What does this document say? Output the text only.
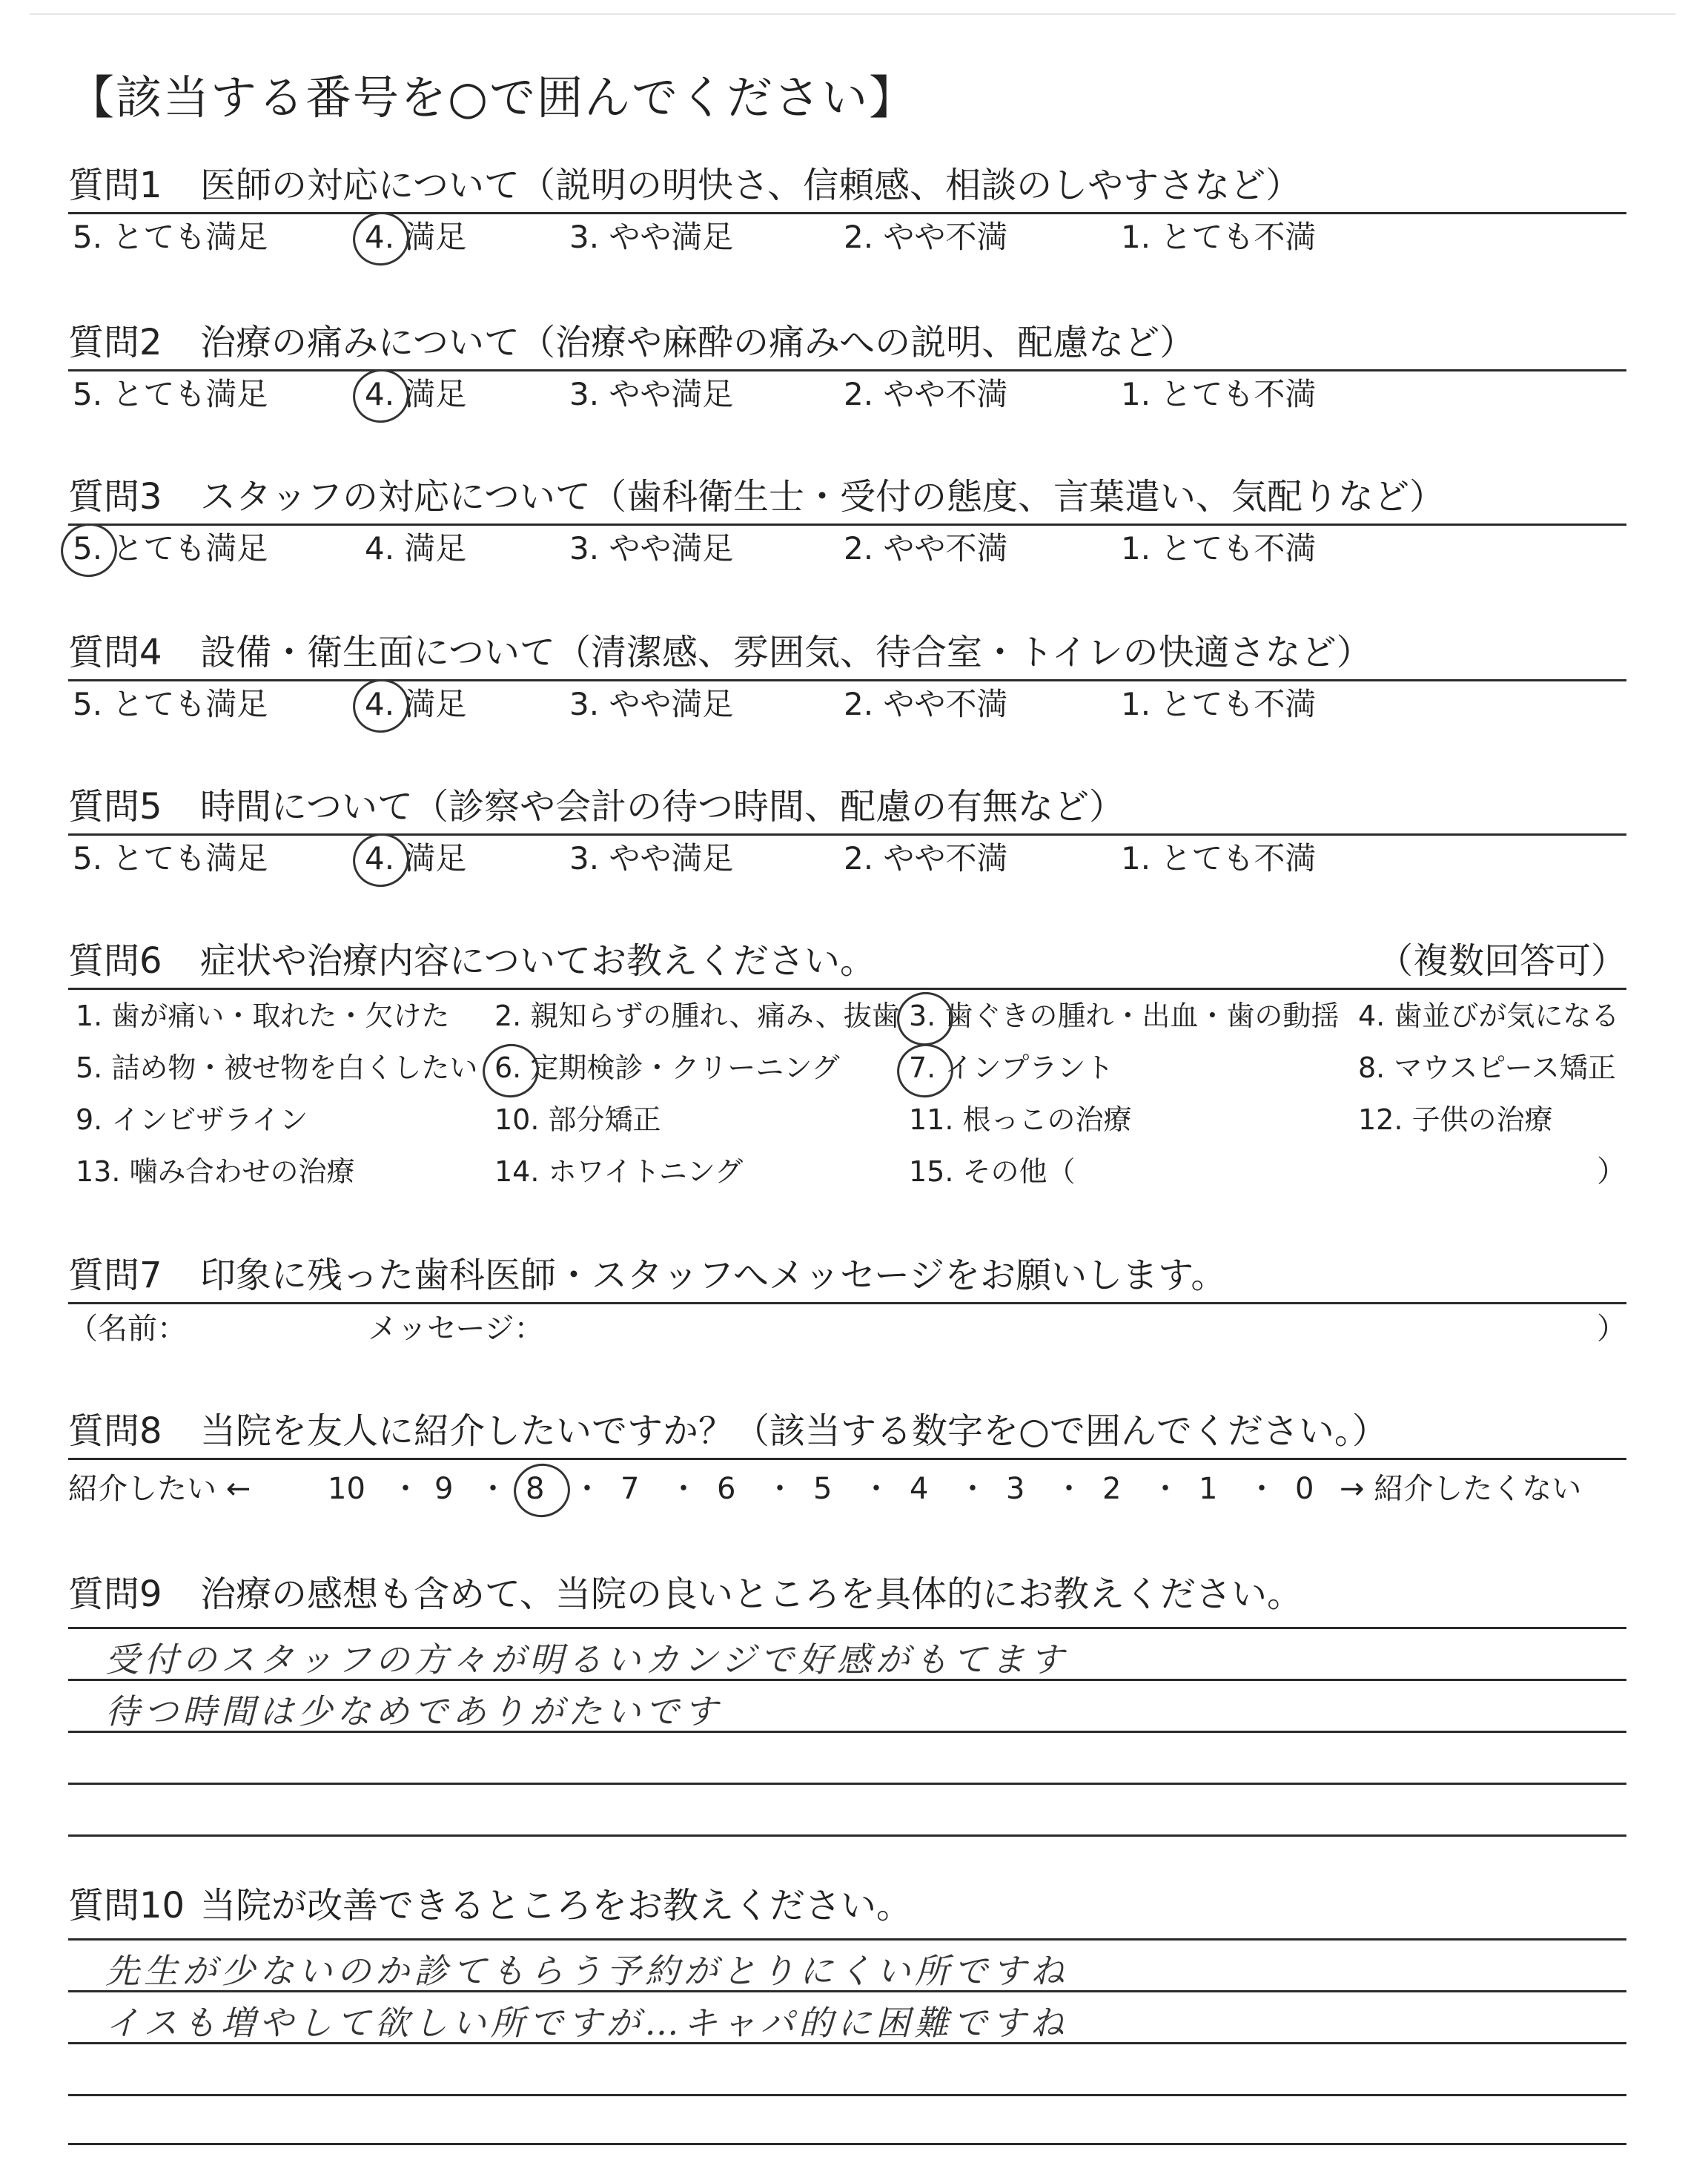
【該当する番号を○で囲んでください】
質問1 医師の対応について（説明の明快さ、信頼感、相談のしやすさなど）
5. とても満足	4. 満足	3. やや満足	2. やや不満	1. とても不満
質問2 治療の痛みについて（治療や麻酔の痛みへの説明、配慮など）
5. とても満足	4. 満足	3. やや満足	2. やや不満	1. とても不満
質問3 スタッフの対応について（歯科衛生士・受付の態度、言葉遣い、気配りなど）
5. とても満足	4. 満足	3. やや満足	2. やや不満	1. とても不満
質問4 設備・衛生面について（清潔感、雰囲気、待合室・トイレの快適さなど）
5. とても満足	4. 満足	3. やや満足	2. やや不満	1. とても不満
質問5 時間について（診察や会計の待つ時間、配慮の有無など）
5. とても満足	4. 満足	3. やや満足	2. やや不満	1. とても不満
質問6 症状や治療内容についてお教えください。	（複数回答可）
1. 歯が痛い・取れた・欠けた 2. 親知らずの腫れ、痛み、抜歯 3. 歯ぐきの腫れ・出血・歯の動揺 4. 歯並びが気になる
5. 詰め物・被せ物を白くしたい 6. 定期検診・クリーニング 7. インプラント	8. マウスピース矯正
9. インビザライン	10. 部分矯正	11. 根っこの治療	12. 子供の治療
13. 噛み合わせの治療	14. ホワイトニング	15. その他（	）
質問7 印象に残った歯科医師・スタッフへメッセージをお願いします。
（名前：	メッセージ：	）
質問8 当院を友人に紹介したいですか？（該当する数字を○で囲んでください。）
紹介したい ←	10 ・ 9 ・ 8 ・ 7 ・ 6 ・ 5 ・ 4 ・ 3 ・ 2 ・ 1 ・ 0 → 紹介したくない
質問9 治療の感想も含めて、当院の良いところを具体的にお教えください。
受付のスタッフの方々が明るいカンジで好感がもてます
待つ時間は少なめでありがたいです
質問10 当院が改善できるところをお教えください。
先生が少ないのか診てもらう予約がとりにくい所ですね
イスも増やして欲しい所ですが…キャパ的に困難ですね
